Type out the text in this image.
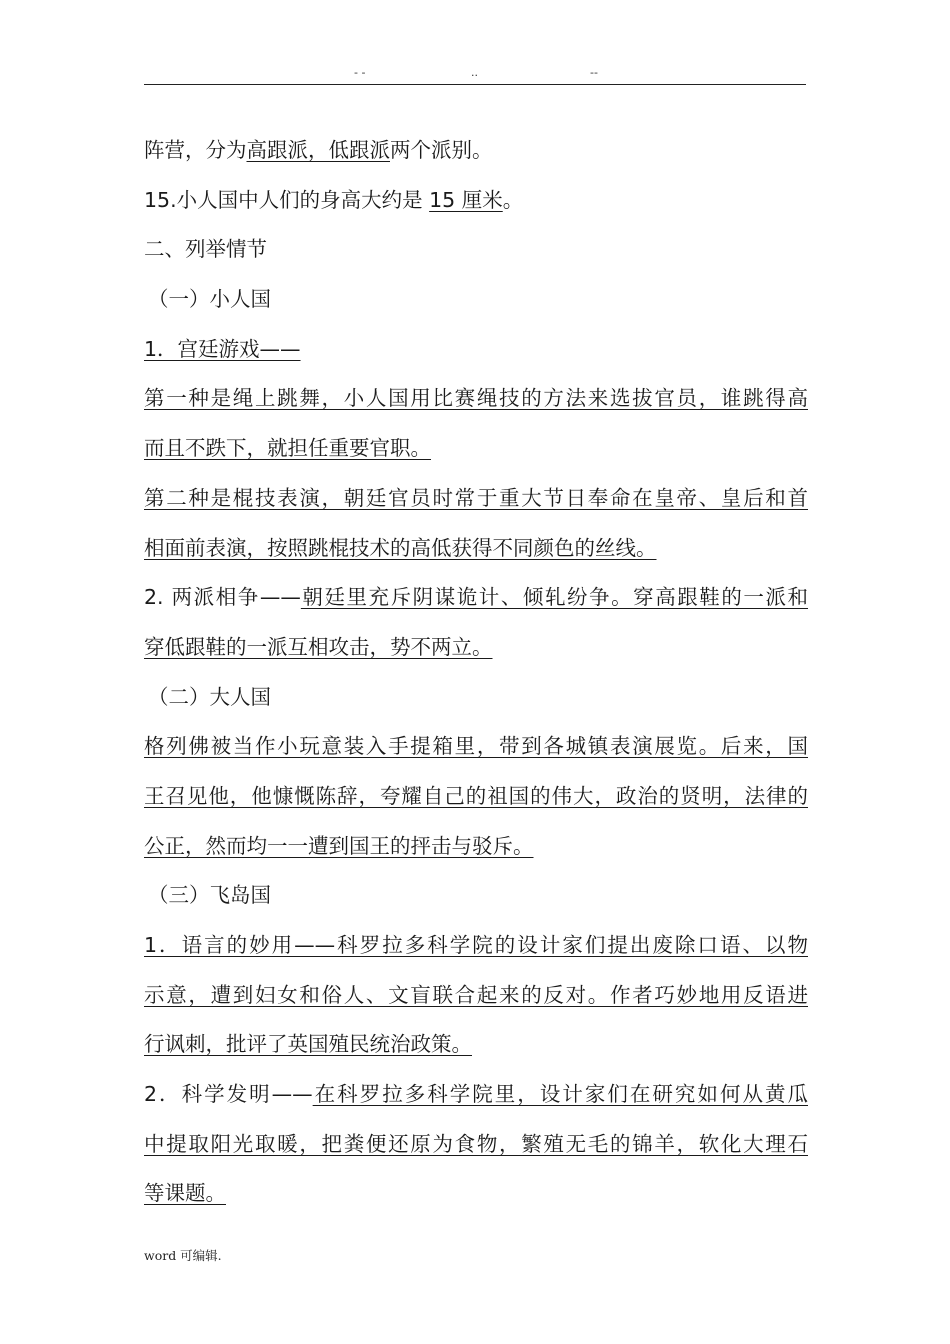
- -	..	--
阵营，分为高跟派，低跟派两个派别。
15.小人国中人们的身高大约是 15 厘米。
二、列举情节
（一）小人国
1．宫廷游戏——
第一种是绳上跳舞，小人国用比赛绳技的方法来选拔官员，谁跳得高
而且不跌下，就担任重要官职。
第二种是棍技表演，朝廷官员时常于重大节日奉命在皇帝、皇后和首
相面前表演，按照跳棍技术的高低获得不同颜色的丝线。
2. 两派相争——朝廷里充斥阴谋诡计、倾轧纷争。穿高跟鞋的一派和
穿低跟鞋的一派互相攻击，势不两立。
（二）大人国
格列佛被当作小玩意装入手提箱里，带到各城镇表演展览。后来，国
王召见他，他慷慨陈辞，夸耀自己的祖国的伟大，政治的贤明，法律的
公正，然而均一一遭到国王的抨击与驳斥。
（三）飞岛国
1．语言的妙用——科罗拉多科学院的设计家们提出废除口语、以物
示意，遭到妇女和俗人、文盲联合起来的反对。作者巧妙地用反语进
行讽刺，批评了英国殖民统治政策。
2．科学发明——在科罗拉多科学院里，设计家们在研究如何从黄瓜
中提取阳光取暖，把粪便还原为食物，繁殖无毛的锦羊，软化大理石
等课题。
word 可编辑.
